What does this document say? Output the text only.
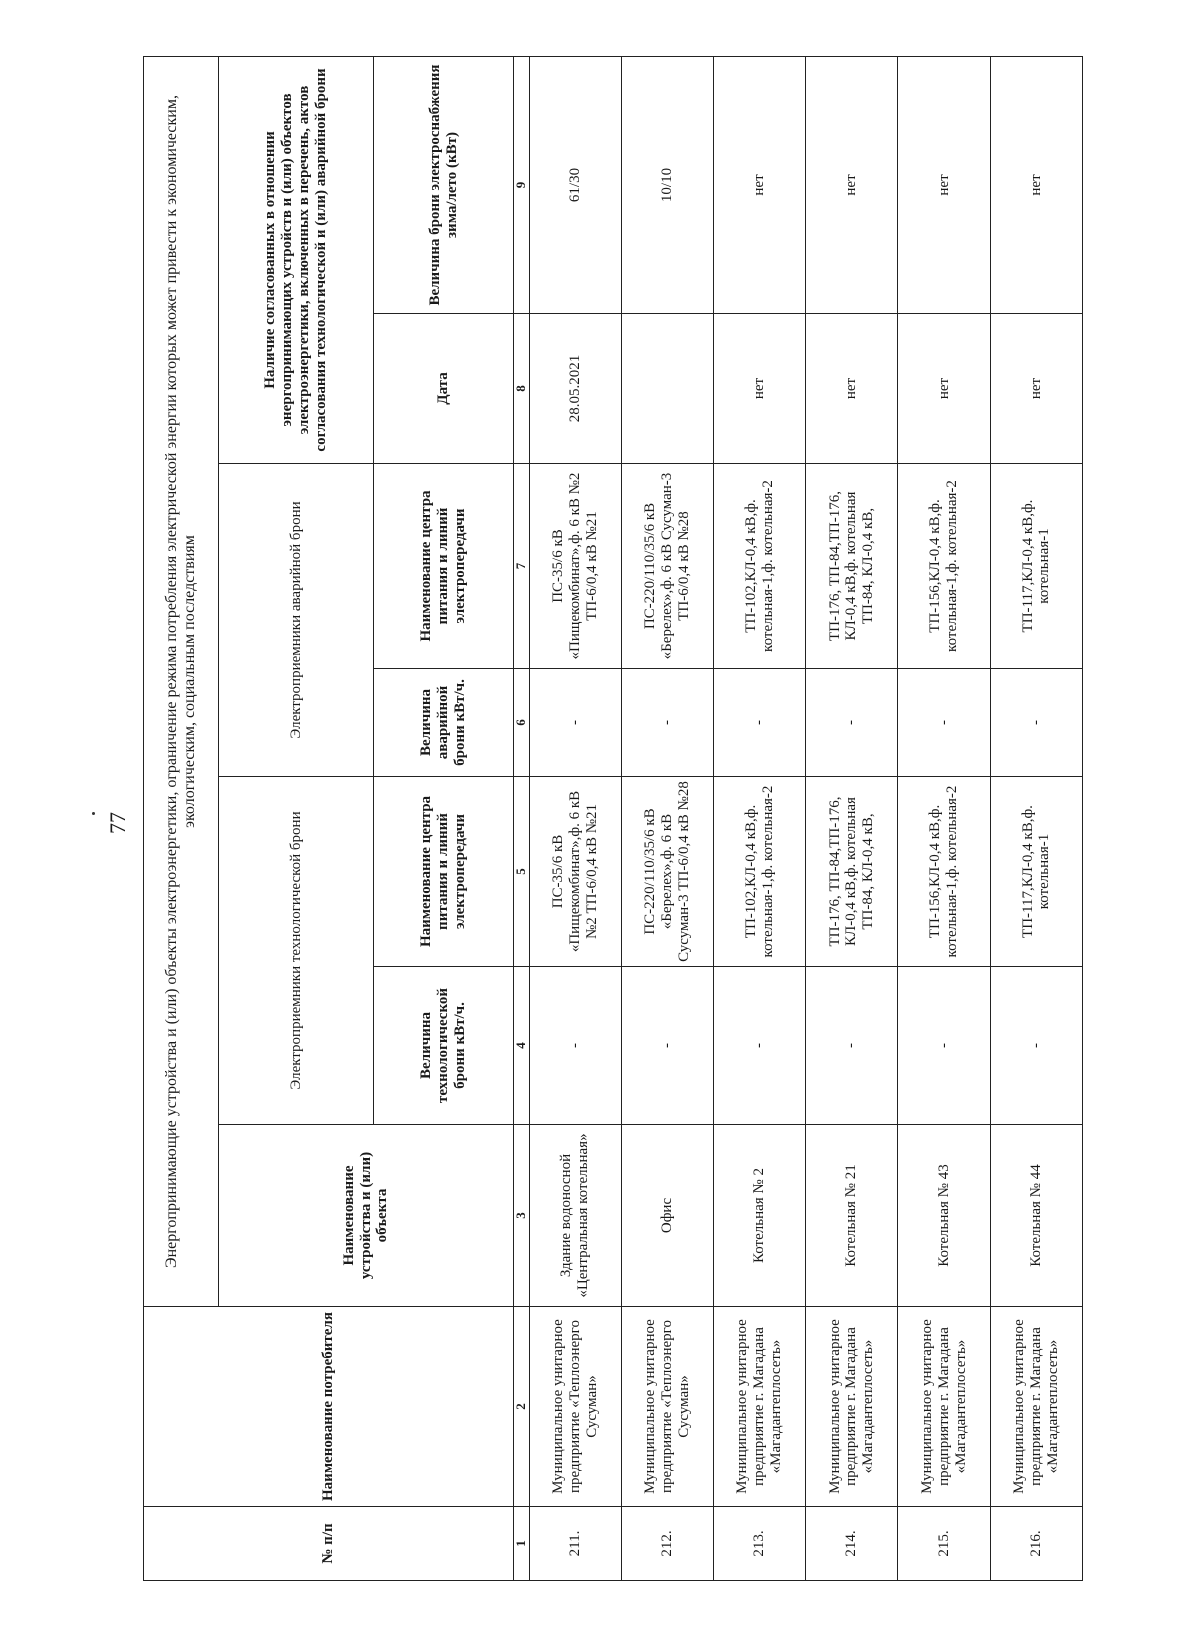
77
№ п/п	Наименование потребителя	Энергопринимающие устройства и (или) объекты электроэнергетики, ограничение режима потребления электрической энергии которых может привести к экономическим, экологическим, социальным последствиям						
		Наименование устройства и (или) объекта	Электроприемники технологической брони		Электроприемники аварийной брони		Наличие согласованных в отношении энергопринимающих устройств и (или) объектов электроэнергетики, включенных в перечень, актов согласования технологической и (или) аварийной брони	
			Величина технологической брони кВт/ч.	Наименование центра питания и линий электропередачи	Величина аварийной брони кВт/ч.	Наименование центра питания и линий электропередачи	Дата	Величина брони электроснабжения зима/лето (кВт)
1	2	3	4	5	6	7	8	9
211.	Муниципальное унитарное предприятие «Теплоэнерго Сусуман»	Здание водоносной «Центральная котельная»	-	ПС-35/6 кВ «Пищекомбинат»,ф. 6 кВ №2 ТП-6/0,4 кВ №21	-	ПС-35/6 кВ «Пищекомбинат»,ф. 6 кВ №2 ТП-6/0,4 кВ №21	28.05.2021	61/30
212.	Муниципальное унитарное предприятие «Теплоэнерго Сусуман»	Офис	-	ПС-220/110/35/6 кВ «Берелех»,ф. 6 кВ Сусуман-3 ТП-6/0,4 кВ №28	-	ПС-220/110/35/6 кВ «Берелех»,ф. 6 кВ Сусуман-3 ТП-6/0,4 кВ №28		10/10
213.	Муниципальное унитарное предприятие г. Магадана «Магадантеплосеть»	Котельная № 2	-	ТП-102,КЛ-0,4 кВ,ф. котельная-1,ф. котельная-2	-	ТП-102,КЛ-0,4 кВ,ф. котельная-1,ф. котельная-2	нет	нет
214.	Муниципальное унитарное предприятие г. Магадана «Магадантеплосеть»	Котельная № 21	-	ТП-176, ТП-84,ТП-176, КЛ-0,4 кВ,ф. котельная ТП-84, КЛ-0,4 кВ,	-	ТП-176, ТП-84,ТП-176, КЛ-0,4 кВ,ф. котельная ТП-84, КЛ-0,4 кВ,	нет	нет
215.	Муниципальное унитарное предприятие г. Магадана «Магадантеплосеть»	Котельная № 43	-	ТП-156,КЛ-0,4 кВ,ф. котельная-1,ф. котельная-2	-	ТП-156,КЛ-0,4 кВ,ф. котельная-1,ф. котельная-2	нет	нет
216.	Муниципальное унитарное предприятие г. Магадана «Магадантеплосеть»	Котельная № 44	-	ТП-117,КЛ-0,4 кВ,ф. котельная-1	-	ТП-117,КЛ-0,4 кВ,ф. котельная-1	нет	нет
